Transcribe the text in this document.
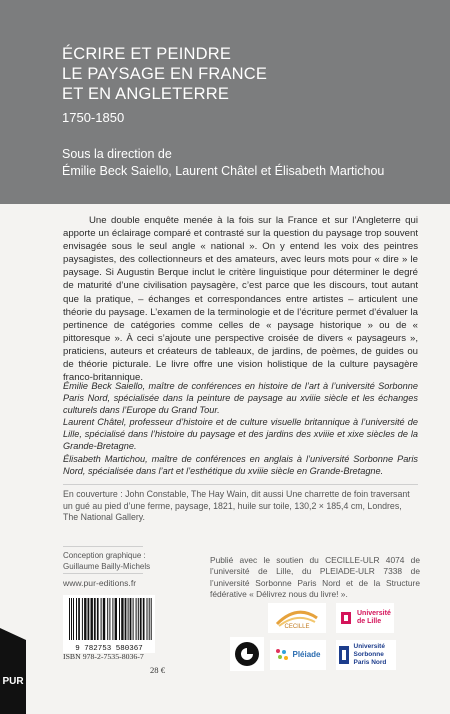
ÉCRIRE ET PEINDRE
LE PAYSAGE EN FRANCE
ET EN ANGLETERRE
1750-1850
Sous la direction de
Émilie Beck Saiello, Laurent Châtel et Élisabeth Martichou

Une double enquête menée à la fois sur la France et sur l’Angleterre qui apporte un éclairage comparé et contrasté sur la question du paysage trop souvent envisagée sous le seul angle « national ». On y entend les voix des peintres paysagistes, des collectionneurs et des amateurs, avec leurs mots pour « dire » le paysage. Si Augustin Berque inclut le critère linguistique pour déterminer le degré de maturité d’une civilisation paysagère, c’est parce que les discours, tout autant que la pratique, – échanges et correspondances entre artistes – articulent une théorie du paysage. L’examen de la terminologie et de l’écriture permet d’évaluer la pertinence de catégories comme celles de « paysage historique » ou de « pittoresque ». À ceci s’ajoute une perspective croisée de divers « paysageurs », praticiens, auteurs et créateurs de tableaux, de jardins, de poèmes, de guides ou de théorie picturale. Le livre offre une vision holistique de la culture paysagère franco-britannique.

Émilie Beck Saiello, maître de conférences en histoire de l’art à l’université Sorbonne Paris Nord, spécialisée dans la peinture de paysage au xviiie siècle et les échanges culturels dans l’Europe du Grand Tour.

Laurent Châtel, professeur d’histoire et de culture visuelle britannique à l’université de Lille, spécialisé dans l’histoire du paysage et des jardins des xviiie et xixe siècles de la Grande-Bretagne.

Élisabeth Martichou, maître de conférences en anglais à l’université Sorbonne Paris Nord, spécialisée dans l’art et l’esthétique du xviiie siècle en Grande-Bretagne.

En couverture : John Constable, The Hay Wain, dit aussi Une charrette de foin traversant un gué au pied d’une ferme, paysage, 1821, huile sur toile, 130,2 × 185,4 cm, Londres, The National Gallery.
Conception graphique :
Guillaume Bailly-Michels
www.pur-editions.fr
Publié avec le soutien du CECILLE-ULR 4074 de l’université de Lille, du PLEIADE-ULR 7338 de l’université Sorbonne Paris Nord et de la Structure fédérative « Délivrez nous du livre! ».
9 782753 580367
ISBN 978-2-7535-8036-7
28 €
PUR
CECILLE
Université de Lille
Pléiade
Université Sorbonne Paris Nord
